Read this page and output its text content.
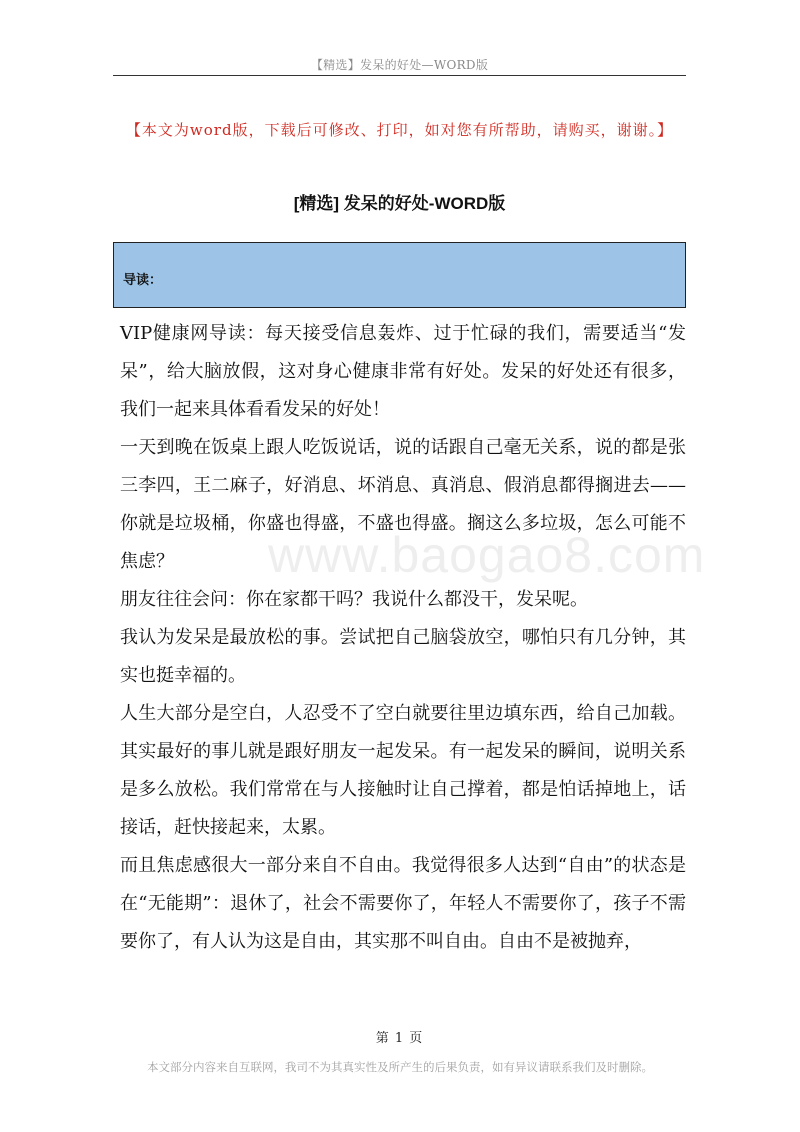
【精选】发呆的好处—WORD版
【本文为word版，下载后可修改、打印，如对您有所帮助，请购买，谢谢。】
[精选] 发呆的好处-WORD版
导读：
www.baogao8.com

VIP健康网导读：每天接受信息轰炸、过于忙碌的我们，需要适当“发呆”，给大脑放假，这对身心健康非常有好处。发呆的好处还有很多，我们一起来具体看看发呆的好处！

一天到晚在饭桌上跟人吃饭说话，说的话跟自己毫无关系，说的都是张三李四，王二麻子，好消息、坏消息、真消息、假消息都得搁进去——你就是垃圾桶，你盛也得盛，不盛也得盛。搁这么多垃圾，怎么可能不焦虑？

朋友往往会问：你在家都干吗？我说什么都没干，发呆呢。

我认为发呆是最放松的事。尝试把自己脑袋放空，哪怕只有几分钟，其实也挺幸福的。

人生大部分是空白，人忍受不了空白就要往里边填东西，给自己加载。其实最好的事儿就是跟好朋友一起发呆。有一起发呆的瞬间，说明关系是多么放松。我们常常在与人接触时让自己撑着，都是怕话掉地上，话接话，赶快接起来，太累。

而且焦虑感很大一部分来自不自由。我觉得很多人达到“自由”的状态是在“无能期”：退休了，社会不需要你了，年轻人不需要你了，孩子不需要你了，有人认为这是自由，其实那不叫自由。自由不是被抛弃，

第 1 页
本文部分内容来自互联网，我司不为其真实性及所产生的后果负责，如有异议请联系我们及时删除。
